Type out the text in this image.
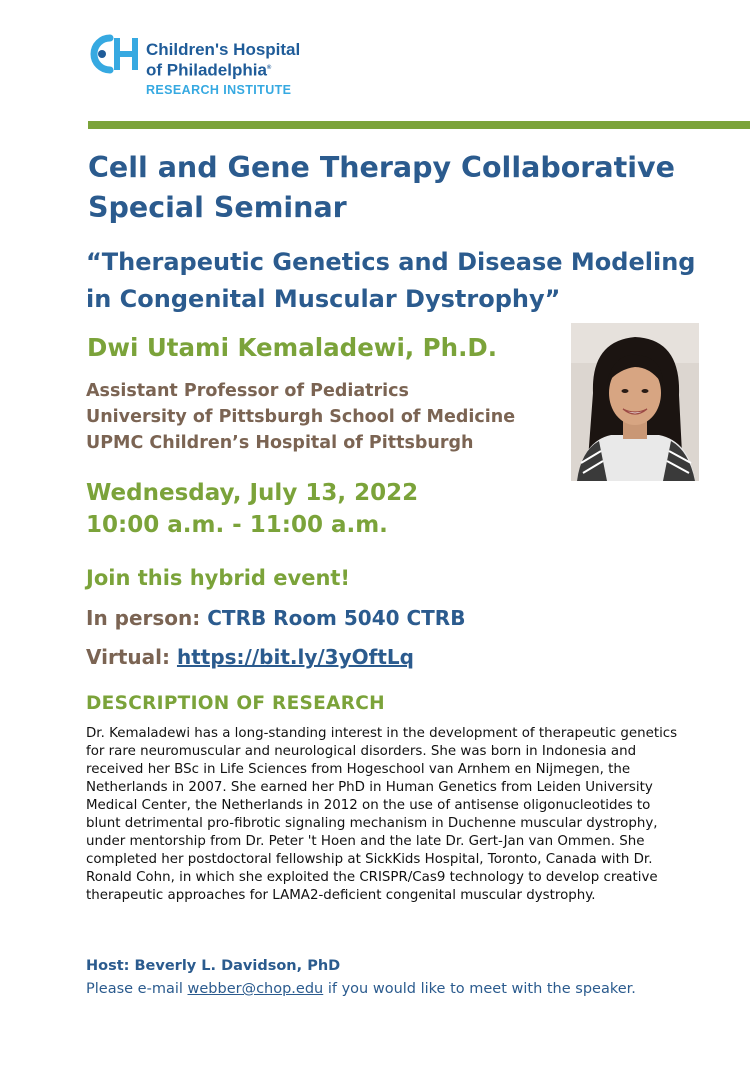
Children's Hospital
of Philadelphia®
RESEARCH INSTITUTE
Cell and Gene Therapy Collaborative
Special Seminar
“Therapeutic Genetics and Disease Modeling
in Congenital Muscular Dystrophy”
Dwi Utami Kemaladewi, Ph.D.
Assistant Professor of Pediatrics
University of Pittsburgh School of Medicine
UPMC Children’s Hospital of Pittsburgh
Wednesday, July 13, 2022
10:00 a.m. - 11:00 a.m.
Join this hybrid event!
In person: CTRB Room 5040 CTRB
Virtual: https://bit.ly/3yOftLq
DESCRIPTION OF RESEARCH

Dr. Kemaladewi has a long-standing interest in the development of therapeutic genetics for rare neuromuscular and neurological disorders. She was born in Indonesia and received her BSc in Life Sciences from Hogeschool van Arnhem en Nijmegen, the Netherlands in 2007. She earned her PhD in Human Genetics from Leiden University Medical Center, the Netherlands in 2012 on the use of antisense oligonucleotides to blunt detrimental pro-fibrotic signaling mechanism in Duchenne muscular dystrophy, under mentorship from Dr. Peter 't Hoen and the late Dr. Gert-Jan van Ommen. She completed her postdoctoral fellowship at SickKids Hospital, Toronto, Canada with Dr. Ronald Cohn, in which she exploited the CRISPR/Cas9 technology to develop creative therapeutic approaches for LAMA2-deficient congenital muscular dystrophy.

Host: Beverly L. Davidson, PhD
Please e-mail webber@chop.edu if you would like to meet with the speaker.
